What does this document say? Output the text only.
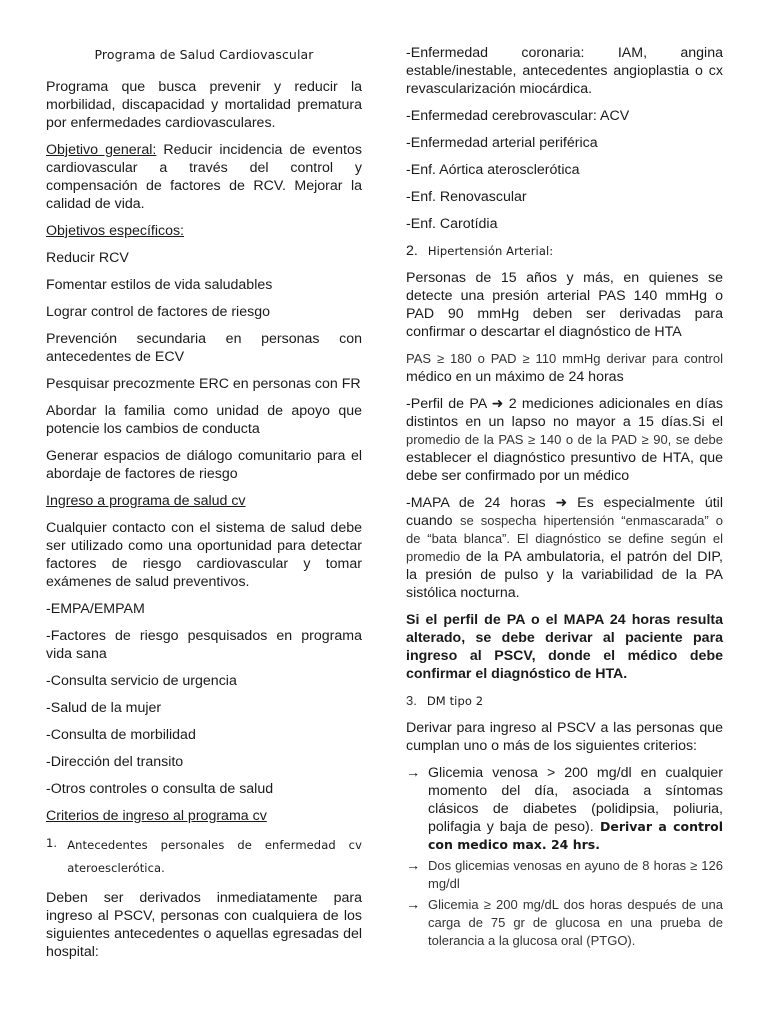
Programa de Salud Cardiovascular

Programa que busca prevenir y reducir la morbilidad, discapacidad y mortalidad prematura por enfermedades cardiovasculares.

Objetivo general: Reducir incidencia de eventos cardiovascular a través del control y compensación de factores de RCV. Mejorar la calidad de vida.

Objetivos específicos:

Reducir RCV

Fomentar estilos de vida saludables

Lograr control de factores de riesgo

Prevención secundaria en personas con antecedentes de ECV

Pesquisar precozmente ERC en personas con FR

Abordar la familia como unidad de apoyo que potencie los cambios de conducta

Generar espacios de diálogo comunitario para el abordaje de factores de riesgo

Ingreso a programa de salud cv

Cualquier contacto con el sistema de salud debe ser utilizado como una oportunidad para detectar factores de riesgo cardiovascular y tomar exámenes de salud preventivos.

-EMPA/EMPAM

-Factores de riesgo pesquisados en programa vida sana

-Consulta servicio de urgencia

-Salud de la mujer

-Consulta de morbilidad

-Dirección del transito

-Otros controles o consulta de salud

Criterios de ingreso al programa cv

1. Antecedentes personales de enfermedad cv ateroesclerótica.

Deben ser derivados inmediatamente para ingreso al PSCV, personas con cualquiera de los siguientes antecedentes o aquellas egresadas del hospital:

-Enfermedad coronaria: IAM, angina estable/inestable, antecedentes angioplastia o cx revascularización miocárdica.

-Enfermedad cerebrovascular: ACV

-Enfermedad arterial periférica

-Enf. Aórtica aterosclerótica

-Enf. Renovascular

-Enf. Carotídia

2. Hipertensión Arterial:

Personas de 15 años y más, en quienes se detecte una presión arterial PAS 140 mmHg o PAD 90 mmHg deben ser derivadas para confirmar o descartar el diagnóstico de HTA

PAS ≥ 180 o PAD ≥ 110 mmHg derivar para control médico en un máximo de 24 horas

-Perfil de PA ➜ 2 mediciones adicionales en días distintos en un lapso no mayor a 15 días.Si el promedio de la PAS ≥ 140 o de la PAD ≥ 90, se debe establecer el diagnóstico presuntivo de HTA, que debe ser confirmado por un médico

-MAPA de 24 horas ➜ Es especialmente útil cuando se sospecha hipertensión “enmascarada” o de “bata blanca”. El diagnóstico se define según el promedio de la PA ambulatoria, el patrón del DIP, la presión de pulso y la variabilidad de la PA sistólica nocturna.

Si el perfil de PA o el MAPA 24 horas resulta alterado, se debe derivar al paciente para ingreso al PSCV, donde el médico debe confirmar el diagnóstico de HTA.

3. DM tipo 2

Derivar para ingreso al PSCV a las personas que cumplan uno o más de los siguientes criterios:

→ Glicemia venosa > 200 mg/dl en cualquier momento del día, asociada a síntomas clásicos de diabetes (polidipsia, poliuria, polifagia y baja de peso). Derivar a control con medico max. 24 hrs.
→ Dos glicemias venosas en ayuno de 8 horas ≥ 126 mg/dl
→ Glicemia ≥ 200 mg/dL dos horas después de una carga de 75 gr de glucosa en una prueba de tolerancia a la glucosa oral (PTGO).
